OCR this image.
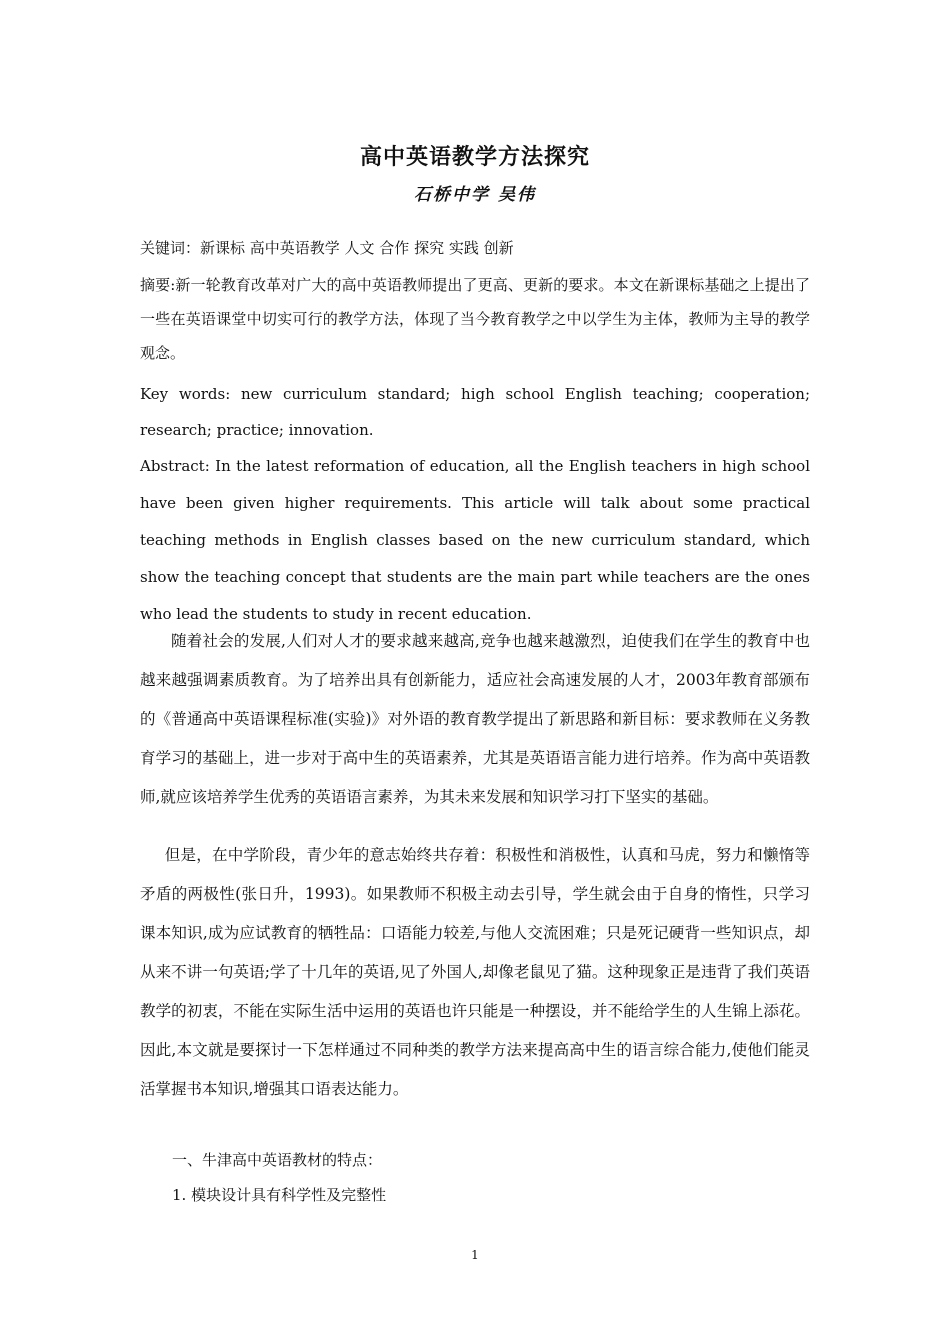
高中英语教学方法探究
石桥中学 吴伟
关键词：新课标 高中英语教学 人文 合作 探究 实践 创新
摘要:新一轮教育改革对广大的高中英语教师提出了更高、更新的要求。本文在新课标基础之上提出了一些在英语课堂中切实可行的教学方法，体现了当今教育教学之中以学生为主体，教师为主导的教学观念。
Key words: new curriculum standard; high school English teaching; cooperation; research; practice; innovation.
Abstract: In the latest reformation of education, all the English teachers in high school have been given higher requirements. This article will talk about some practical teaching methods in English classes based on the new curriculum standard, which show the teaching concept that students are the main part while teachers are the ones who lead the students to study in recent education.
随着社会的发展,人们对人才的要求越来越高,竞争也越来越激烈，迫使我们在学生的教育中也越来越强调素质教育。为了培养出具有创新能力，适应社会高速发展的人才，2003年教育部颁布的《普通高中英语课程标准(实验)》对外语的教育教学提出了新思路和新目标：要求教师在义务教育学习的基础上，进一步对于高中生的英语素养，尤其是英语语言能力进行培养。作为高中英语教师,就应该培养学生优秀的英语语言素养，为其未来发展和知识学习打下坚实的基础。
但是，在中学阶段，青少年的意志始终共存着：积极性和消极性，认真和马虎，努力和懒惰等矛盾的两极性(张日升，1993)。如果教师不积极主动去引导，学生就会由于自身的惰性，只学习课本知识,成为应试教育的牺牲品：口语能力较差,与他人交流困难；只是死记硬背一些知识点，却从来不讲一句英语;学了十几年的英语,见了外国人,却像老鼠见了猫。这种现象正是违背了我们英语教学的初衷，不能在实际生活中运用的英语也许只能是一种摆设，并不能给学生的人生锦上添花。因此,本文就是要探讨一下怎样通过不同种类的教学方法来提高高中生的语言综合能力,使他们能灵活掌握书本知识,增强其口语表达能力。
一、牛津高中英语教材的特点：
1. 模块设计具有科学性及完整性
1
